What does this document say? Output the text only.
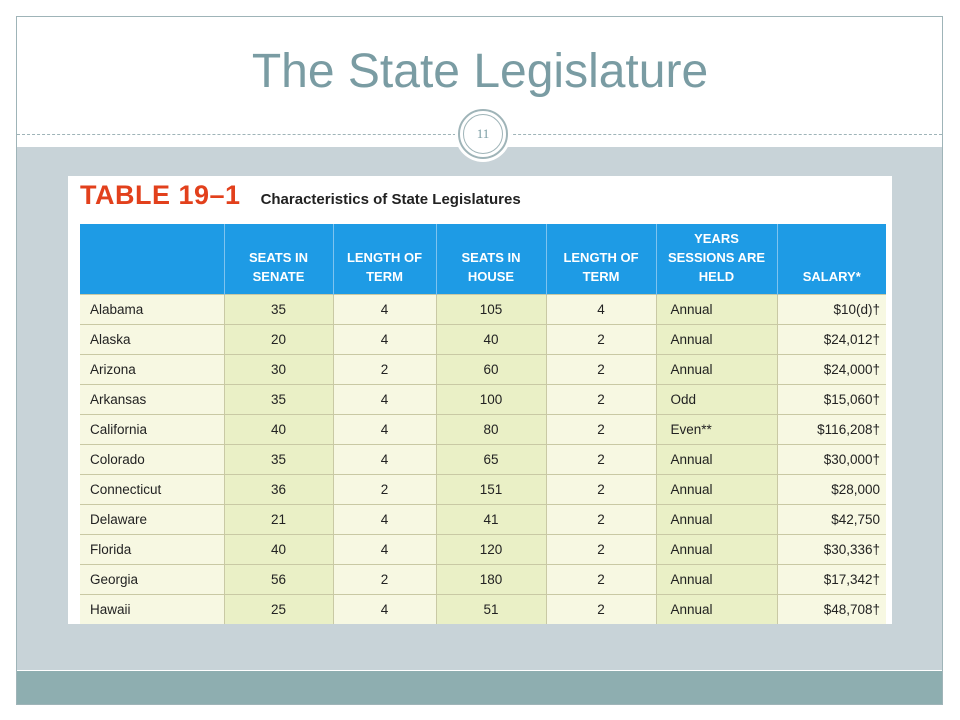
The State Legislature
11
TABLE 19–1 Characteristics of State Legislatures
	SEATS IN SENATE	LENGTH OF TERM	SEATS IN HOUSE	LENGTH OF TERM	YEARS SESSIONS ARE HELD	SALARY*
Alabama	35	4	105	4	Annual	$10(d)†
Alaska	20	4	40	2	Annual	$24,012†
Arizona	30	2	60	2	Annual	$24,000†
Arkansas	35	4	100	2	Odd	$15,060†
California	40	4	80	2	Even**	$116,208†
Colorado	35	4	65	2	Annual	$30,000†
Connecticut	36	2	151	2	Annual	$28,000
Delaware	21	4	41	2	Annual	$42,750
Florida	40	4	120	2	Annual	$30,336†
Georgia	56	2	180	2	Annual	$17,342†
Hawaii	25	4	51	2	Annual	$48,708†
